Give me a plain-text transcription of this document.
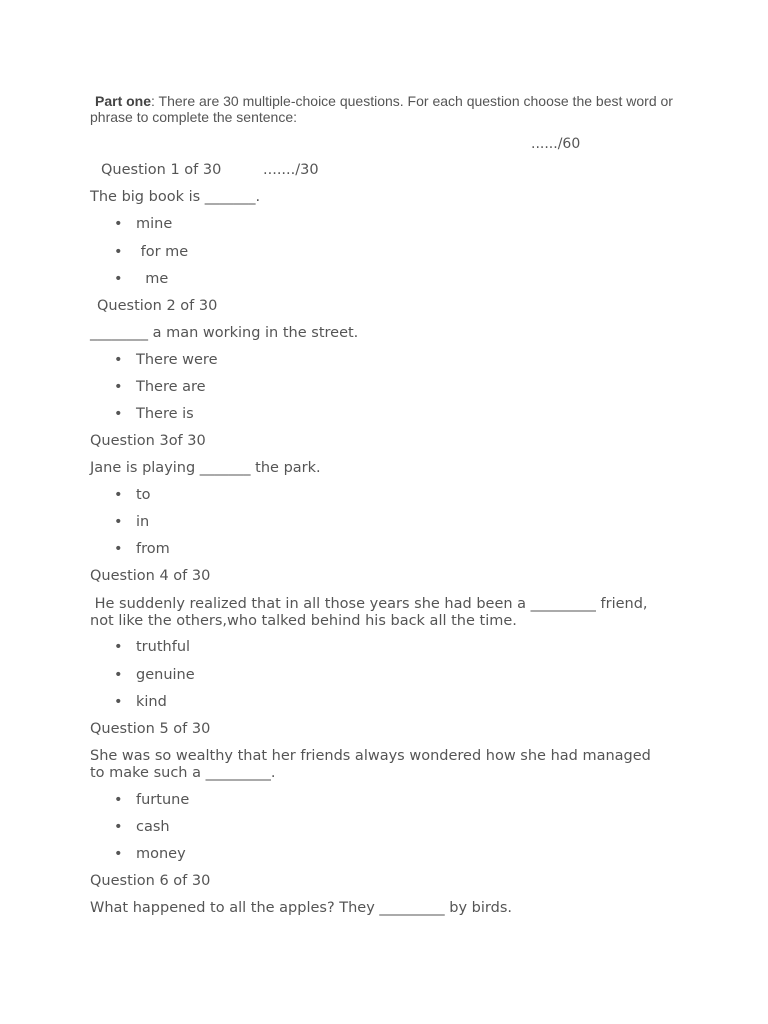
Part one: There are 30 multiple-choice questions. For each question choose the best word or phrase to complete the sentence:
....../60
Question 1 of 30	......./30
The big book is _______.
• mine
• for me
•  me
Question 2 of 30
________ a man working in the street.
• There were
• There are
• There is
Question 3of 30
Jane is playing _______ the park.
• to
• in
• from
Question 4 of 30
He suddenly realized that in all those years she had been a _________ friend, not like the others,who talked behind his back all the time.
• truthful
• genuine
• kind
Question 5 of 30
She was so wealthy that her friends always wondered how she had managed to make such a _________.
• furtune
• cash
• money
Question 6 of 30
What happened to all the apples? They _________ by birds.
